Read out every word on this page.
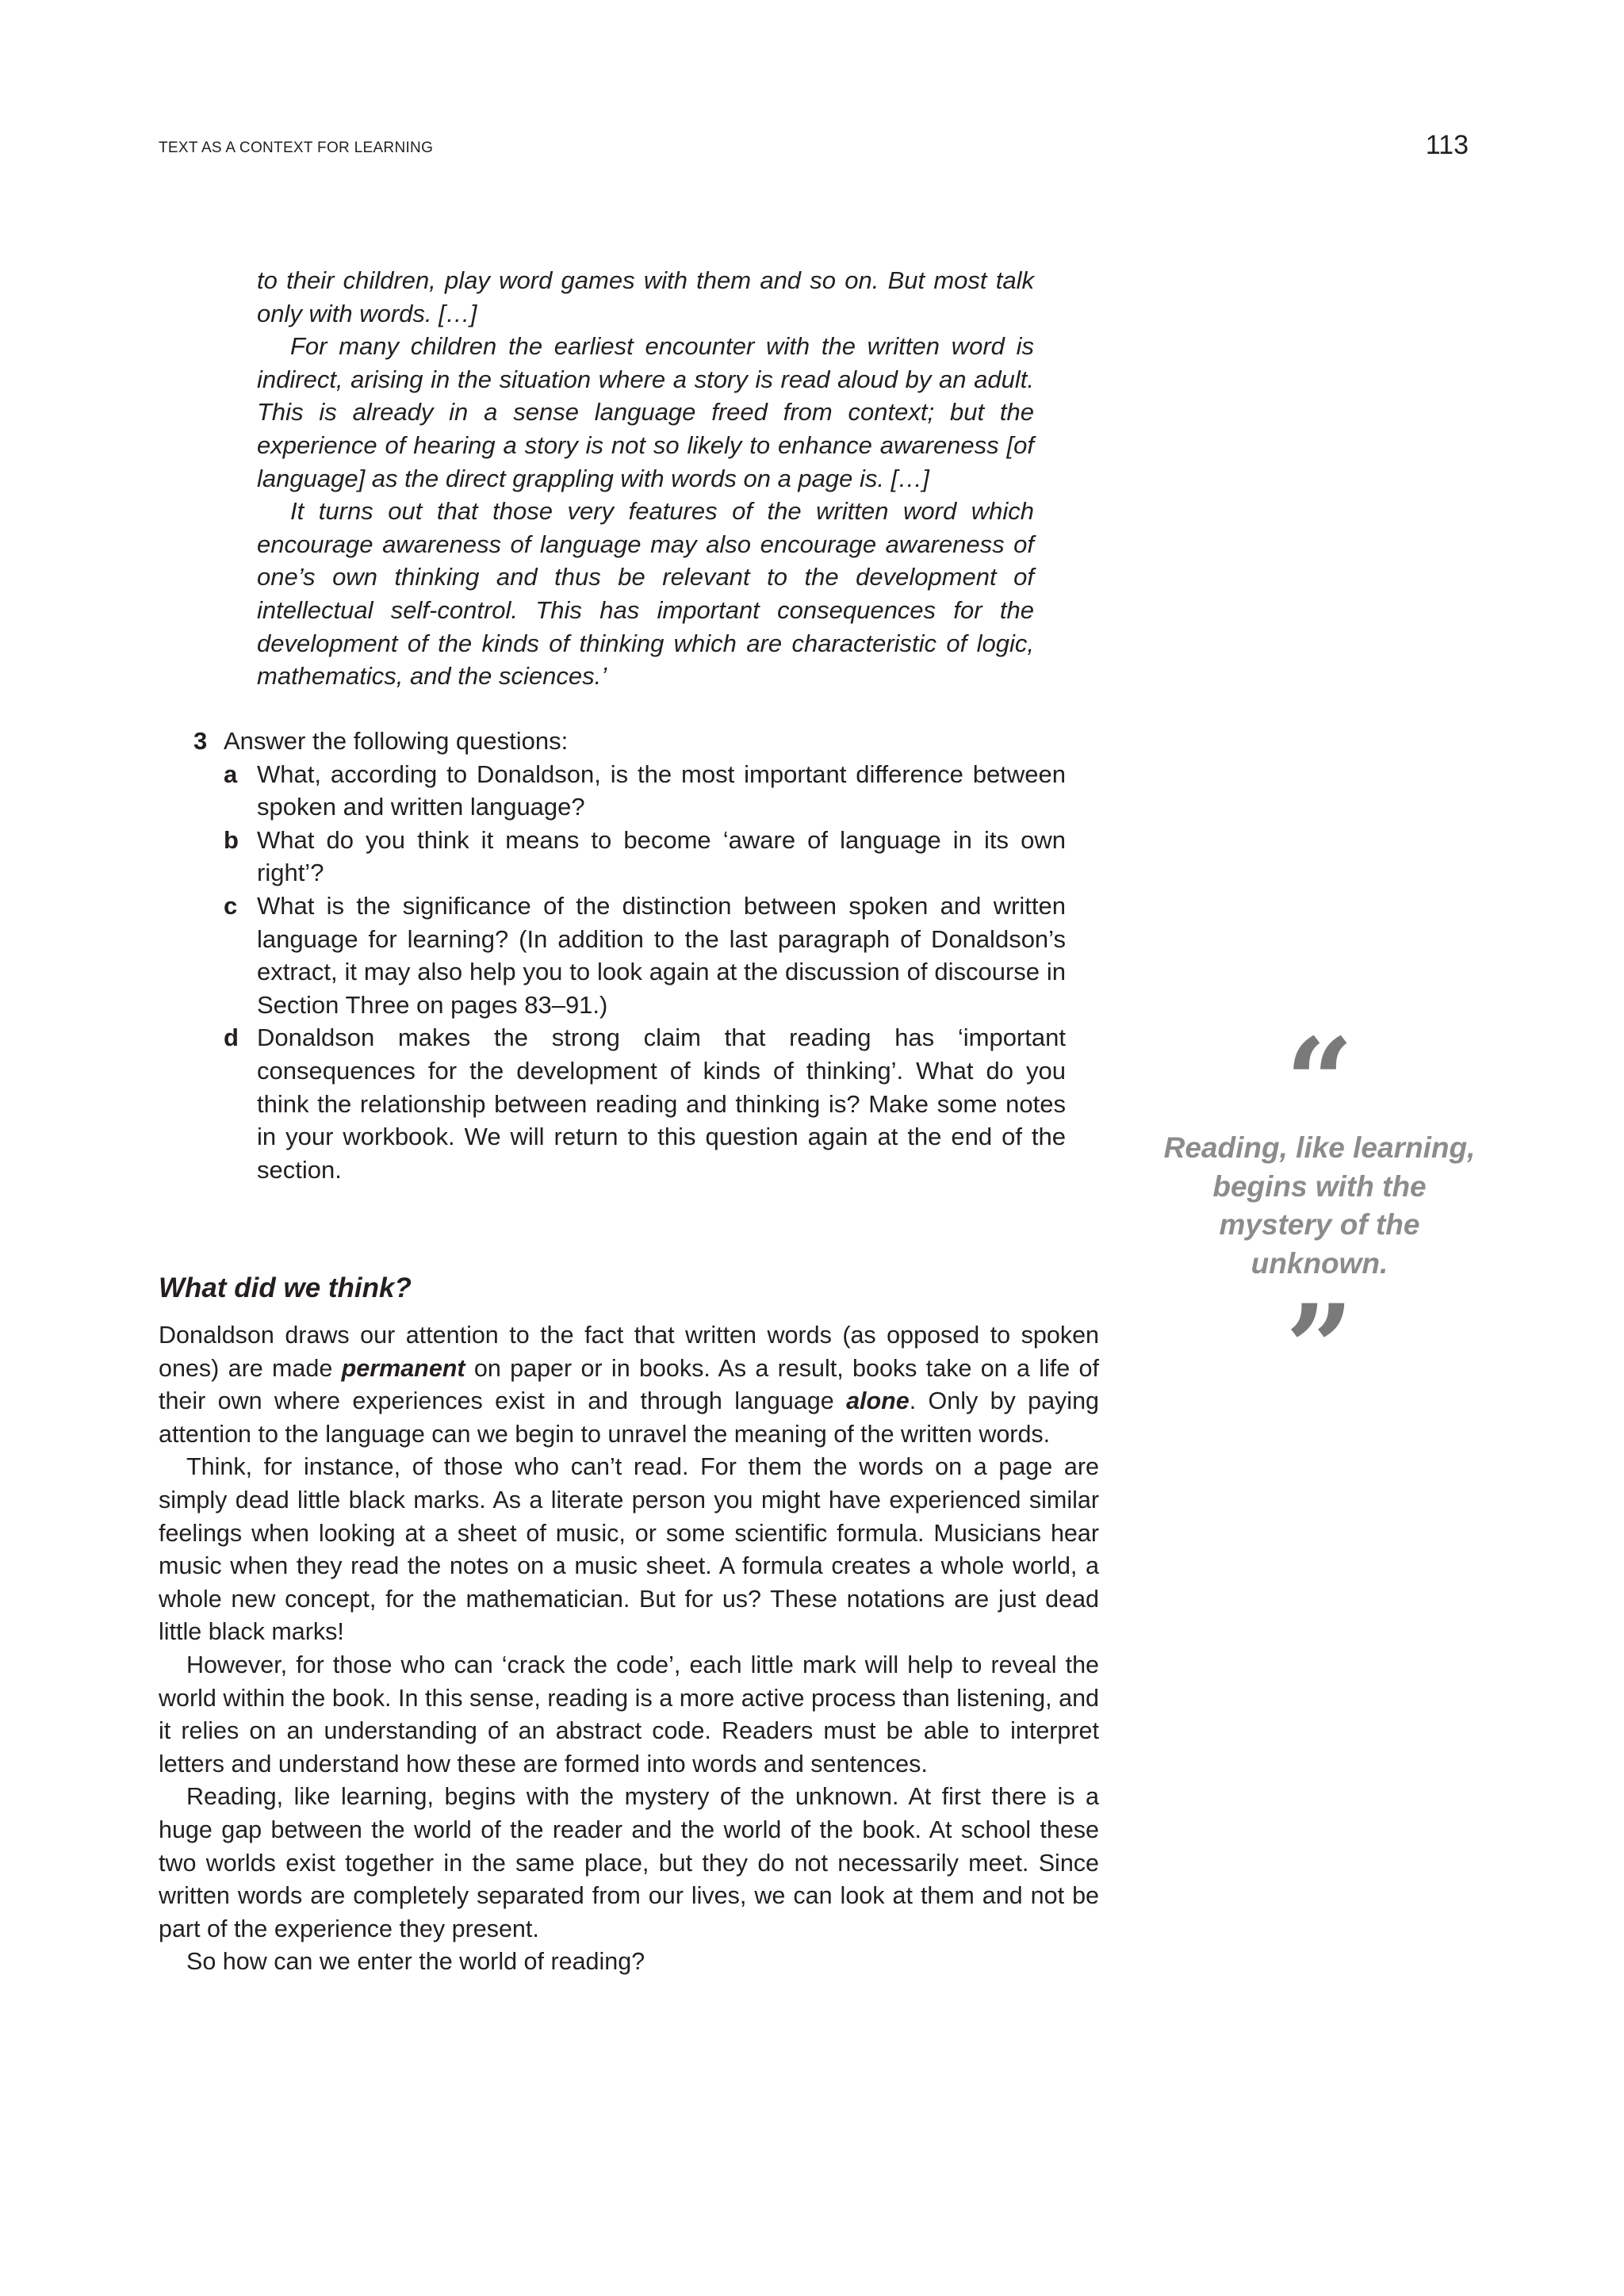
TEXT AS A CONTEXT FOR LEARNING	113

to their children, play word games with them and so on. But most talk only with words. […]

For many children the earliest encounter with the written word is indirect, arising in the situation where a story is read aloud by an adult. This is already in a sense language freed from context; but the experience of hearing a story is not so likely to enhance awareness [of language] as the direct grappling with words on a page is. […]

It turns out that those very features of the written word which encourage awareness of language may also encourage awareness of one’s own thinking and thus be relevant to the development of intellectual self-control. This has important consequences for the development of the kinds of thinking which are characteristic of logic, mathematics, and the sciences.’

3 Answer the following questions:
a What, according to Donaldson, is the most important difference between spoken and written language?
b What do you think it means to become ‘aware of language in its own right’?
c What is the significance of the distinction between spoken and written language for learning? (In addition to the last paragraph of Donaldson’s extract, it may also help you to look again at the discussion of discourse in Section Three on pages 83–91.)
d Donaldson makes the strong claim that reading has ‘important consequences for the development of kinds of thinking’. What do you think the relationship between reading and thinking is? Make some notes in your workbook. We will return to this question again at the end of the section.
What did we think?

Donaldson draws our attention to the fact that written words (as opposed to spoken ones) are made permanent on paper or in books. As a result, books take on a life of their own where experiences exist in and through language alone. Only by paying attention to the language can we begin to unravel the meaning of the written words.

Think, for instance, of those who can’t read. For them the words on a page are simply dead little black marks. As a literate person you might have experienced similar feelings when looking at a sheet of music, or some scientific formula. Musicians hear music when they read the notes on a music sheet. A formula creates a whole world, a whole new concept, for the mathematician. But for us? These notations are just dead little black marks!

However, for those who can ‘crack the code’, each little mark will help to reveal the world within the book. In this sense, reading is a more active process than listening, and it relies on an understanding of an abstract code. Readers must be able to interpret letters and understand how these are formed into words and sentences.

Reading, like learning, begins with the mystery of the unknown. At first there is a huge gap between the world of the reader and the world of the book. At school these two worlds exist together in the same place, but they do not necessarily meet. Since written words are completely separated from our lives, we can look at them and not be part of the experience they present.

So how can we enter the world of reading?

“
Reading, like learning, begins with the mystery of the unknown.
”
